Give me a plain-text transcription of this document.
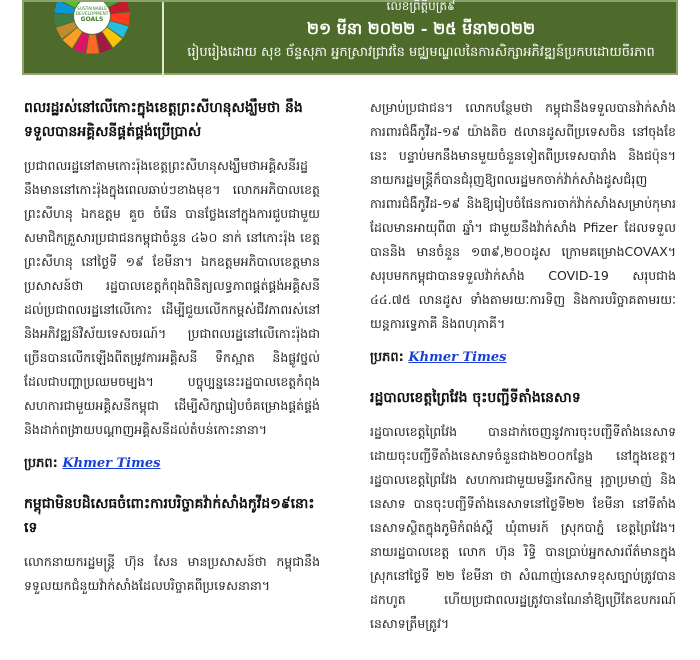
SUSTAINABLE
DEVELOPMENT
GOALS
លេខព្រឹត្តិបត្រ៩
២១ មីនា ២០២២ - ២៥ មីនា២០២២
រៀបរៀងដោយ សុខ ច័ន្ទសុភា អ្នកស្រាវជ្រាវនៃ មជ្ឈមណ្ឌលនៃការសិក្សាអភិវឌ្ឍន៍ប្រកបដោយចីរភាព
ពលរដ្ឋរស់នៅលើកោះក្នុងខេត្តព្រះសីហនុសង្ឃឹមថា នឹងទទួលបានអគ្គិសនីផ្គត់ផ្គង់ប្រើប្រាស់

ប្រជាពលរដ្ឋនៅតាមកោះរ៉ុងខេត្តព្រះសីហនុសង្ឃឹមថាអគ្គិសនីរដ្ឋនឹងមាននៅកោះរ៉ុងក្នុងពេលឆាប់ៗខាងមុខ។ លោកអភិបាលខេត្តព្រះសីហនុ ឯកឧត្តម គួច ចំរើន បានថ្លែងនៅក្នុងការជួបជាមួយសមាជិកគ្រួសារប្រជាជនកម្ពុជាចំនួន ៤៦០ នាក់ នៅកោះរ៉ុង ខេត្តព្រះសីហនុ នៅថ្ងៃទី ១៩ ខែមីនា។ ឯកឧត្តមអភិបាលខេត្តមានប្រសាសន៍ថា រដ្ឋបាលខេត្តកំពុងពិនិត្យលទ្ធភាពផ្គត់ផ្គង់អគ្គិសនីដល់ប្រជាពលរដ្ឋនៅលើកោះ ដើម្បីជួយលើកកម្ពស់ជីវភាពរស់នៅ និងអភិវឌ្ឍន៍វិស័យទេសចរណ៍។ ប្រជាពលរដ្ឋនៅលើកោះរ៉ុងជាច្រើនបានលើកឡើងពីតម្រូវការអគ្គិសនី ទឹកស្អាត និងផ្លូវថ្នល់ ដែលជាបញ្ហាប្រឈមចម្បង។ បច្ចុប្បន្ននេះរដ្ឋបាលខេត្តកំពុងសហការជាមួយអគ្គិសនីកម្ពុជា ដើម្បីសិក្សារៀបចំគម្រោងផ្គត់ផ្គង់ និងដាក់ពង្រាយបណ្តាញអគ្គិសនីដល់តំបន់កោះនានា។

ប្រភព: Khmer Times
កម្ពុជាមិនបដិសេធចំពោះការបរិច្ចាគវ៉ាក់សាំងកូវីដ១៩នោះទេ

លោកនាយករដ្ឋមន្ត្រី ហ៊ុន សែន មានប្រសាសន៍ថា កម្ពុជានឹងទទួលយកជំនួយវ៉ាក់សាំងដែលបរិច្ចាគពីប្រទេសនានា។

សម្រាប់ប្រជាជន។ លោកបន្ថែមថា កម្ពុជានឹងទទួលបានវ៉ាក់សាំងការពារជំងឺកូវីដ-១៩ យ៉ាងតិច ៥លានដូសពីប្រទេសចិន នៅចុងខែនេះ បន្ទាប់មកនឹងមានមួយចំនួនទៀតពីប្រទេសបារាំង និងជប៉ុន។ នាយករដ្ឋមន្ត្រីក៏បានជំរុញឱ្យពលរដ្ឋមកចាក់វ៉ាក់សាំងដូសជំរុញការពារជំងឺកូវីដ-១៩ និងឱ្យរៀបចំផែនការចាក់វ៉ាក់សាំងសម្រាប់កុមារ ដែលមានអាយុពី៣ ឆ្នាំ។ ជាមួយនឹងវ៉ាក់សាំង Pfizer ដែលទទួលបាននិង មានចំនួន ១៣៩,២០០ដូស ក្រោមគម្រោងCOVAX។ សរុបមកកម្ពុជាបានទទួលវ៉ាក់សាំង COVID-19 សរុបជាង ៤៤.៧៥ លានដូស ទាំងតាមរយៈការទិញ និងការបរិច្ចាគតាមរយៈយន្តការទ្វេភាគី និងពហុភាគី។

ប្រភព: Khmer Times
រដ្ឋបាលខេត្តព្រៃវែង ចុះបញ្ជីទីតាំងនេសាទ

រដ្ឋបាលខេត្តព្រៃវែង បានដាក់ចេញនូវការចុះបញ្ជីទីតាំងនេសាទ ដោយចុះបញ្ជីទីតាំងនេសាទចំនួនជាង២០០កន្លែង នៅក្នុងខេត្ត។ រដ្ឋបាលខេត្តព្រៃវែង សហការជាមួយមន្ទីរកសិកម្ម រុក្ខាប្រមាញ់ និងនេសាទ បានចុះបញ្ជីទីតាំងនេសាទនៅថ្ងៃទី២២ ខែមីនា នៅទីតាំងនេសាទស្ថិតក្នុងភូមិកំពង់ស្ពឺ ឃុំពាមរក៍ ស្រុកបាភ្នំ ខេត្តព្រៃវែង។ នាយរដ្ឋបាលខេត្ត លោក ហ៊ុន រិទ្ធិ បានប្រាប់អ្នកសារព័ត៌មានក្នុងស្រុកនៅថ្ងៃទី ២២ ខែមីនា ថា សំណាញ់នេសាទខុសច្បាប់ត្រូវបានដកហូត ហើយប្រជាពលរដ្ឋត្រូវបានណែនាំឱ្យប្រើតែឧបករណ៍នេសាទត្រឹមត្រូវ។
